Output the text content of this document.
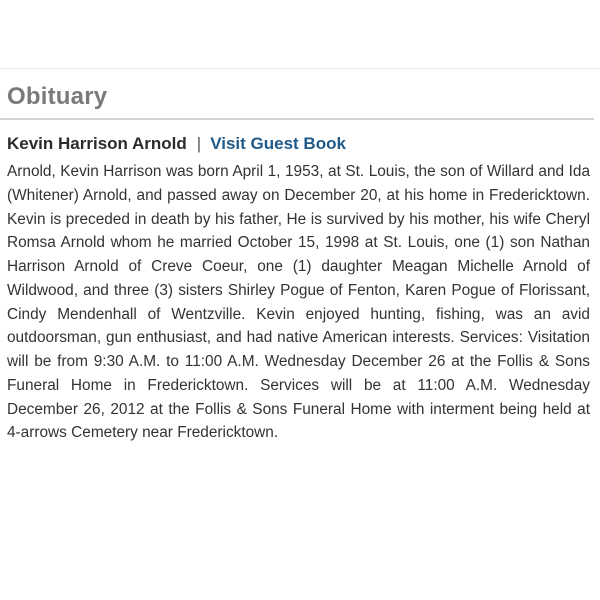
Obituary
Kevin Harrison Arnold | Visit Guest Book

Arnold, Kevin Harrison was born April 1, 1953, at St. Louis, the son of Willard and Ida (Whitener) Arnold, and passed away on December 20, at his home in Fredericktown. Kevin is preceded in death by his father, He is survived by his mother, his wife Cheryl Romsa Arnold whom he married October 15, 1998 at St. Louis, one (1) son Nathan Harrison Arnold of Creve Coeur, one (1) daughter Meagan Michelle Arnold of Wildwood, and three (3) sisters Shirley Pogue of Fenton, Karen Pogue of Florissant, Cindy Mendenhall of Wentzville. Kevin enjoyed hunting, fishing, was an avid outdoorsman, gun enthusiast, and had native American interests. Services: Visitation will be from 9:30 A.M. to 11:00 A.M. Wednesday December 26 at the Follis & Sons Funeral Home in Fredericktown. Services will be at 11:00 A.M. Wednesday December 26, 2012 at the Follis & Sons Funeral Home with interment being held at 4-arrows Cemetery near Fredericktown.
